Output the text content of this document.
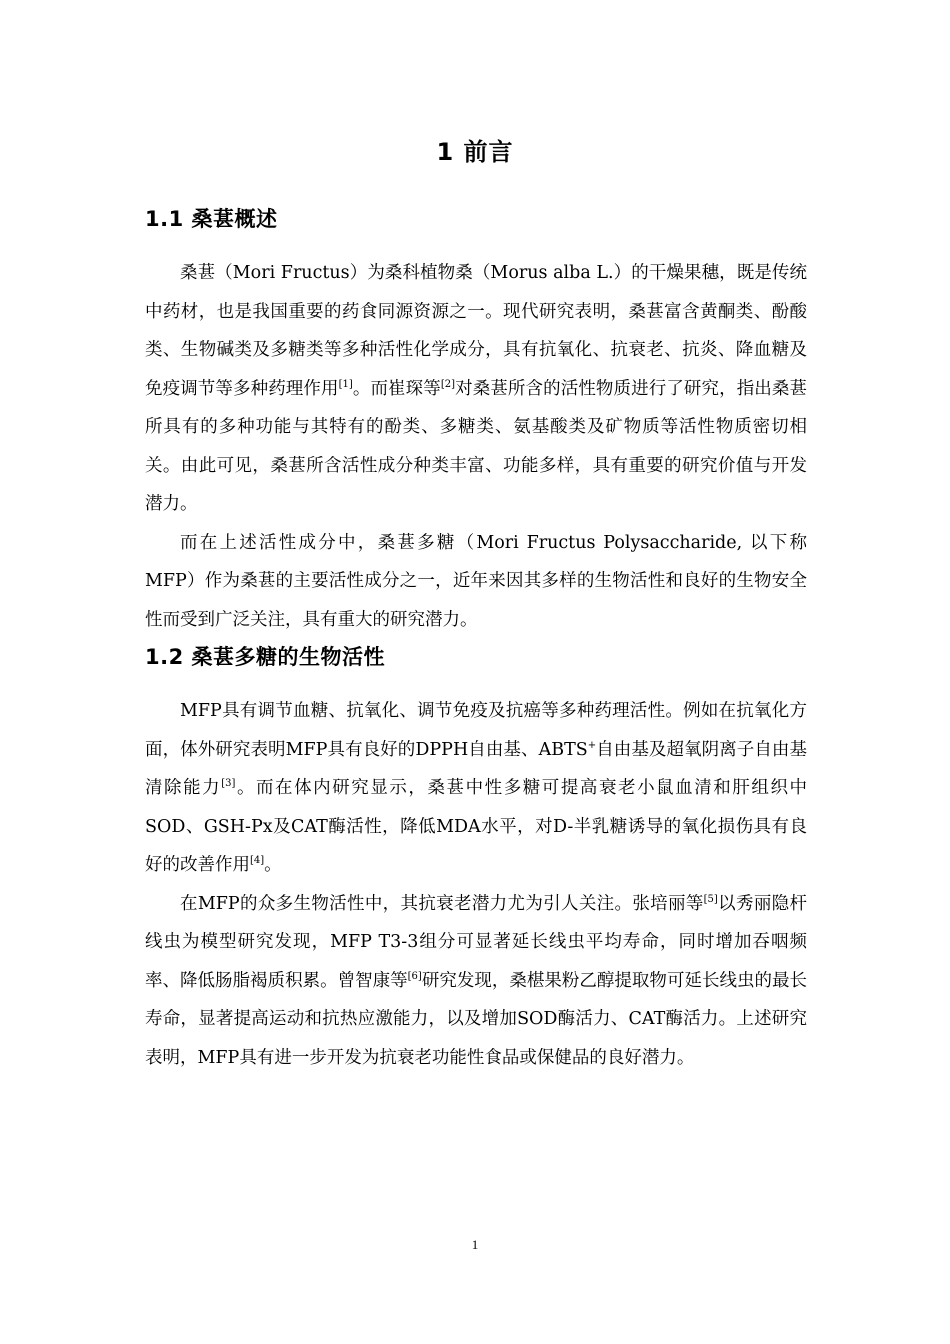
1 前言
1.1 桑葚概述

桑葚（Mori Fructus）为桑科植物桑（Morus alba L.）的干燥果穗，既是传统中药材，也是我国重要的药食同源资源之一。现代研究表明，桑葚富含黄酮类、酚酸类、生物碱类及多糖类等多种活性化学成分，具有抗氧化、抗衰老、抗炎、降血糖及免疫调节等多种药理作用[1]。而崔琛等[2]对桑葚所含的活性物质进行了研究，指出桑葚所具有的多种功能与其特有的酚类、多糖类、氨基酸类及矿物质等活性物质密切相关。由此可见，桑葚所含活性成分种类丰富、功能多样，具有重要的研究价值与开发潜力。

而在上述活性成分中，桑葚多糖（Mori Fructus Polysaccharide, 以下称MFP）作为桑葚的主要活性成分之一，近年来因其多样的生物活性和良好的生物安全性而受到广泛关注，具有重大的研究潜力。

1.2 桑葚多糖的生物活性

MFP具有调节血糖、抗氧化、调节免疫及抗癌等多种药理活性。例如在抗氧化方面，体外研究表明MFP具有良好的DPPH自由基、ABTS+自由基及超氧阴离子自由基清除能力[3]。而在体内研究显示，桑葚中性多糖可提高衰老小鼠血清和肝组织中SOD、GSH-Px及CAT酶活性，降低MDA水平，对D-半乳糖诱导的氧化损伤具有良好的改善作用[4]。

在MFP的众多生物活性中，其抗衰老潜力尤为引人关注。张培丽等[5]以秀丽隐杆线虫为模型研究发现，MFP T3-3组分可显著延长线虫平均寿命，同时增加吞咽频率、降低肠脂褐质积累。曾智康等[6]研究发现，桑椹果粉乙醇提取物可延长线虫的最长寿命，显著提高运动和抗热应激能力，以及增加SOD酶活力、CAT酶活力。上述研究表明，MFP具有进一步开发为抗衰老功能性食品或保健品的良好潜力。

1
